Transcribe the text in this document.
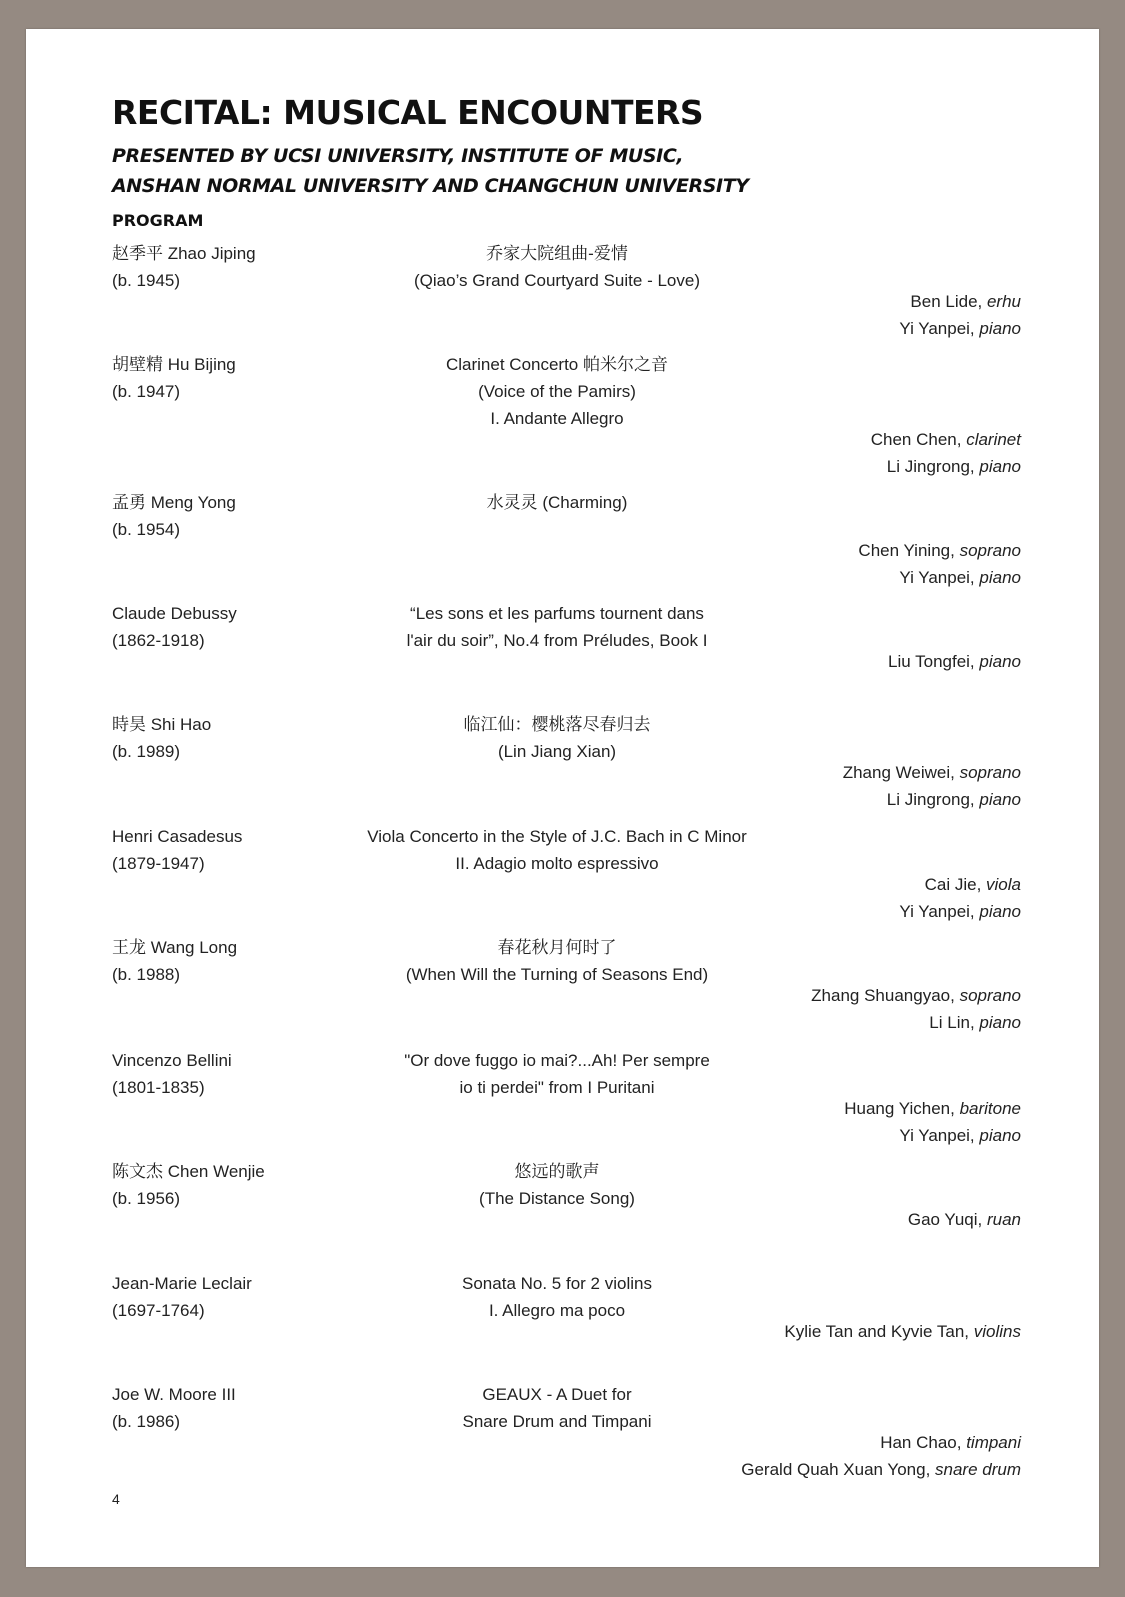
RECITAL: MUSICAL ENCOUNTERS
PRESENTED BY UCSI UNIVERSITY, INSTITUTE OF MUSIC,
ANSHAN NORMAL UNIVERSITY AND CHANGCHUN UNIVERSITY
PROGRAM
赵季平 Zhao Jiping
(b. 1945)
乔家大院组曲-爱情
(Qiao’s Grand Courtyard Suite - Love)
Ben Lide, erhu
Yi Yanpei, piano
胡壁精 Hu Bijing
(b. 1947)
Clarinet Concerto 帕米尔之音
(Voice of the Pamirs)
I. Andante Allegro
Chen Chen, clarinet
Li Jingrong, piano
孟勇 Meng Yong
(b. 1954)
水灵灵 (Charming)
Chen Yining, soprano
Yi Yanpei, piano
Claude Debussy
(1862-1918)
“Les sons et les parfums tournent dans
l'air du soir”, No.4 from Préludes, Book I
Liu Tongfei, piano
時昊 Shi Hao
(b. 1989)
临江仙：樱桃落尽春归去
(Lin Jiang Xian)
Zhang Weiwei, soprano
Li Jingrong, piano
Henri Casadesus
(1879-1947)
Viola Concerto in the Style of J.C. Bach in C Minor
II. Adagio molto espressivo
Cai Jie, viola
Yi Yanpei, piano
王龙 Wang Long
(b. 1988)
春花秋月何时了
(When Will the Turning of Seasons End)
Zhang Shuangyao, soprano
Li Lin, piano
Vincenzo Bellini
(1801-1835)
"Or dove fuggo io mai?...Ah! Per sempre
io ti perdei" from I Puritani
Huang Yichen, baritone
Yi Yanpei, piano
陈文杰 Chen Wenjie
(b. 1956)
悠远的歌声
(The Distance Song)
Gao Yuqi, ruan
Jean-Marie Leclair
(1697-1764)
Sonata No. 5 for 2 violins
I. Allegro ma poco
Kylie Tan and Kyvie Tan, violins
Joe W. Moore III
(b. 1986)
GEAUX - A Duet for
Snare Drum and Timpani
Han Chao, timpani
Gerald Quah Xuan Yong, snare drum
4
